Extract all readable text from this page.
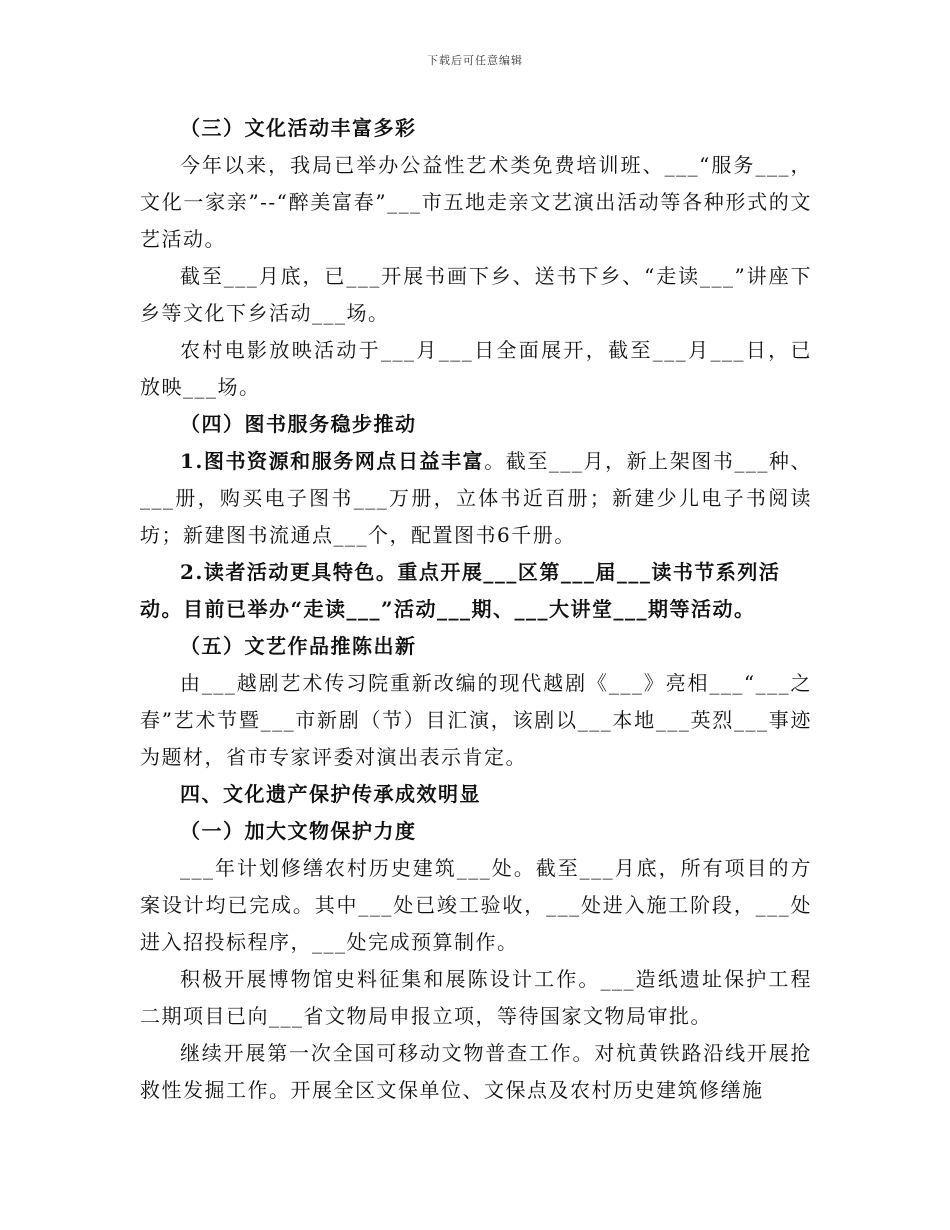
下载后可任意编辑

（三）文化活动丰富多彩

今年以来，我局已举办公益性艺术类免费培训班、___“服务___，文化一家亲”--“醉美富春”___市五地走亲文艺演出活动等各种形式的文艺活动。

截至___月底，已___开展书画下乡、送书下乡、“走读___”讲座下乡等文化下乡活动___场。

农村电影放映活动于___月___日全面展开，截至___月___日，已放映___场。

（四）图书服务稳步推动

1.图书资源和服务网点日益丰富。截至___月，新上架图书___种、___册，购买电子图书___万册，立体书近百册；新建少儿电子书阅读坊；新建图书流通点___个，配置图书6千册。

2.读者活动更具特色。重点开展___区第___届___读书节系列活动。目前已举办“走读___”活动___期、___大讲堂___期等活动。

（五）文艺作品推陈出新

由___越剧艺术传习院重新改编的现代越剧《___》亮相___“___之春”艺术节暨___市新剧（节）目汇演，该剧以___本地___英烈___事迹为题材，省市专家评委对演出表示肯定。

四、文化遗产保护传承成效明显

（一）加大文物保护力度

___年计划修缮农村历史建筑___处。截至___月底，所有项目的方案设计均已完成。其中___处已竣工验收，___处进入施工阶段，___处进入招投标程序，___处完成预算制作。

积极开展博物馆史料征集和展陈设计工作。___造纸遗址保护工程二期项目已向___省文物局申报立项，等待国家文物局审批。

继续开展第一次全国可移动文物普查工作。对杭黄铁路沿线开展抢救性发掘工作。开展全区文保单位、文保点及农村历史建筑修缮施
